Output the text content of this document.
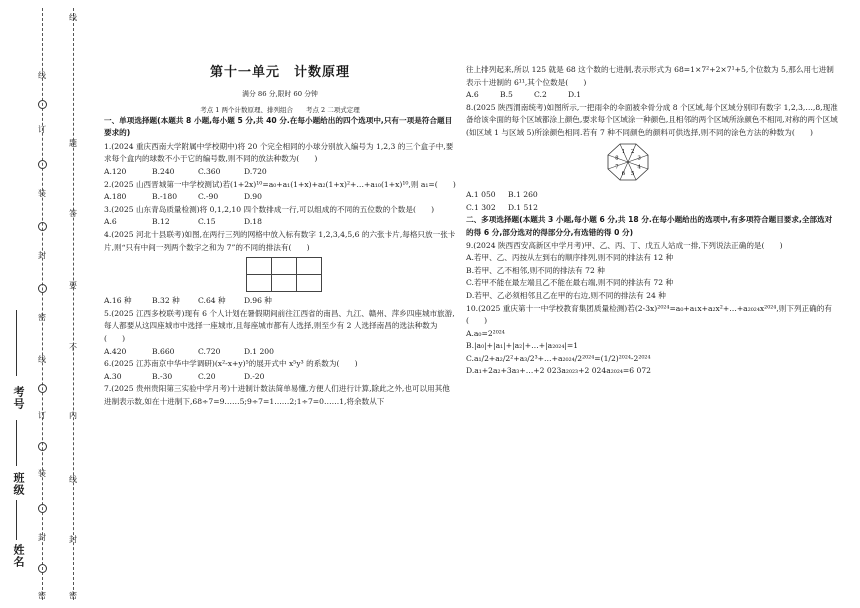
线
订
装
封
密
线
订
装
封
密
线
题
答
要
不
内
线
封
密
考号
班级
姓名
第十一单元　计数原理
满分 86 分,限时 60 分钟
考点 1 两个计数原理、排列组合　　考点 2 二项式定理

一、单项选择题(本题共 8 小题,每小题 5 分,共 40 分.在每小题给出的四个选项中,只有一项是符合题目要求的)

1.(2024 重庆西南大学附属中学校期中)将 20 个完全相同的小球分别放入编号为 1,2,3 的三个盒子中,要求每个盒内的球数不小于它的编号数,则不同的放法种数为(　　)

A.120	B.240	C.360	D.720

2.(2025 山西晋城第一中学校测试)若(1+2x)¹⁰=a₀+a₁(1+x)+a₂(1+x)²+…+a₁₀(1+x)¹⁰,则 a₁=(　　)

A.180	B.-180	C.-90	D.90

3.(2025 山东青岛质量检测)将 0,1,2,10 四个数排成一行,可以组成的不同的五位数的个数是(　　)

A.6	B.12	C.15	D.18

4.(2025 河北十县联考)如图,在两行三列的网格中放入标有数字 1,2,3,4,5,6 的六张卡片,每格只放一张卡片,则“只有中间一列两个数字之和为 7”的不同的排法有(　　)

A.16 种	B.32 种	C.64 种	D.96 种

5.(2025 江西多校联考)现有 6 个人计划在暑假期间前往江西省的南昌、九江、赣州、萍乡四座城市旅游,每人都要从这四座城市中选择一座城市,且每座城市都有人选择,则至少有 2 人选择南昌的选法种数为(　　)

A.420	B.660	C.720	D.1 200

6.(2025 江苏南京中华中学调研)(x²-x+y)⁵的展开式中 x⁵y³ 的系数为(　　)

A.30	B.-30	C.20	D.-20

7.(2025 贵州贵阳第三实验中学月考)十进制计数法简单易懂,方便人们进行计算,除此之外,也可以用其他进制表示数,如在十进制下,68÷7=9……5;9÷7=1……2;1÷7=0……1,将余数从下

往上排列起来,所以 125 就是 68 这个数的七进制,表示形式为 68=1×7²+2×7¹+5,个位数为 5,那么用七进制表示十进制的 6¹¹,其个位数是(　　)

A.6	B.5	C.2	D.1

8.(2025 陕西渭南统考)如图所示,一把雨伞的伞面被伞骨分成 8 个区域,每个区域分别印有数字 1,2,3,…,8,现准备给该伞面的每个区域都涂上颜色,要求每个区域涂一种颜色,且相邻的两个区域所涂颜色不相同,对称的两个区域(如区域 1 与区域 5)所涂颜色相同.若有 7 种不同颜色的颜料可供选择,则不同的涂色方法的种数为(　　)

1 2
3
4
5
6
7
8
A.1 050	B.1 260
C.1 302	D.1 512

二、多项选择题(本题共 3 小题,每小题 6 分,共 18 分.在每小题给出的选项中,有多项符合题目要求,全部选对的得 6 分,部分选对的得部分分,有选错的得 0 分)

9.(2024 陕西西安高新区中学月考)甲、乙、丙、丁、戊五人站成一排,下列说法正确的是(　　)

A.若甲、乙、丙按从左到右的顺序排列,则不同的排法有 12 种

B.若甲、乙不相邻,则不同的排法有 72 种

C.若甲不能在最左端且乙不能在最右端,则不同的排法有 72 种

D.若甲、乙必须相邻且乙在甲的右边,则不同的排法有 24 种

10.(2025 重庆第十一中学校教育集团质量检测)若(2-3x)²⁰²⁴=a₀+a₁x+a₂x²+…+a₂₀₂₄x²⁰²⁴,则下列正确的有(　　)

A.a₀=2²⁰²⁴

B.|a₀|+|a₁|+|a₂|+…+|a₂₀₂₄|=1

C.a₁/2+a₂/2²+a₃/2³+…+a₂₀₂₄/2²⁰²⁴=(1/2)²⁰²⁴-2²⁰²⁴

D.a₁+2a₂+3a₃+…+2 023a₂₀₂₃+2 024a₂₀₂₄=6 072
